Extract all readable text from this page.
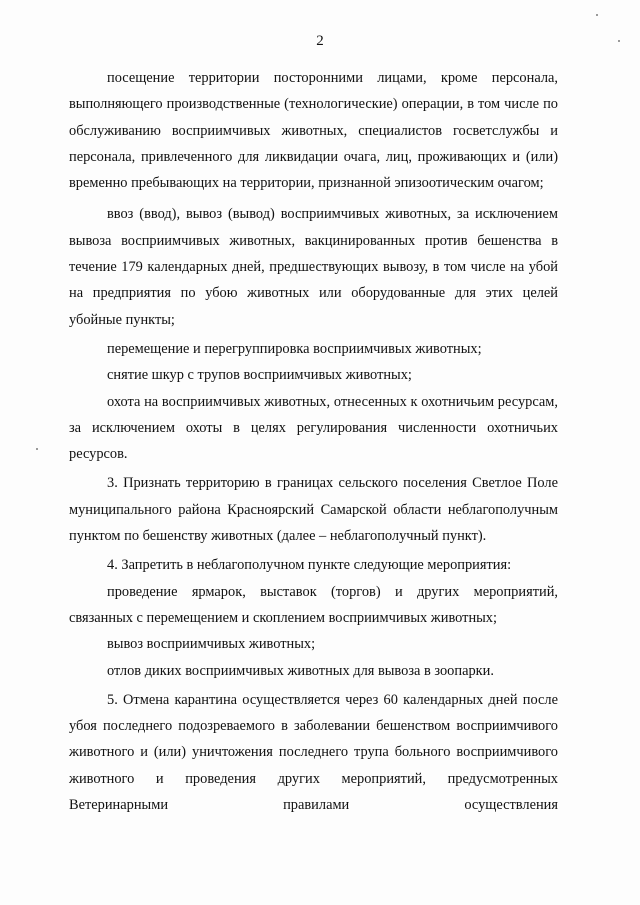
2

посещение территории посторонними лицами, кроме персонала, выполняющего производственные (технологические) операции, в том числе по обслуживанию восприимчивых животных, специалистов госветслужбы и персонала, привлеченного для ликвидации очага, лиц, проживающих и (или) временно пребывающих на территории, признанной эпизоотическим очагом;

ввоз (ввод), вывоз (вывод) восприимчивых животных, за исключением вывоза восприимчивых животных, вакцинированных против бешенства в течение 179 календарных дней, предшествующих вывозу, в том числе на убой на предприятия по убою животных или оборудованные для этих целей убойные пункты;

перемещение и перегруппировка восприимчивых животных;

снятие шкур с трупов восприимчивых животных;

охота на восприимчивых животных, отнесенных к охотничьим ресурсам, за исключением охоты в целях регулирования численности охотничьих ресурсов.

3. Признать территорию в границах сельского поселения Светлое Поле муниципального района Красноярский Самарской области неблагополучным пунктом по бешенству животных (далее – неблагополучный пункт).

4. Запретить в неблагополучном пункте следующие мероприятия:

проведение ярмарок, выставок (торгов) и других мероприятий, связанных с перемещением и скоплением восприимчивых животных;

вывоз восприимчивых животных;

отлов диких восприимчивых животных для вывоза в зоопарки.

5. Отмена карантина осуществляется через 60 календарных дней после убоя последнего подозреваемого в заболевании бешенством восприимчивого животного и (или) уничтожения последнего трупа больного восприимчивого животного и проведения других мероприятий, предусмотренных Ветеринарными правилами осуществления
